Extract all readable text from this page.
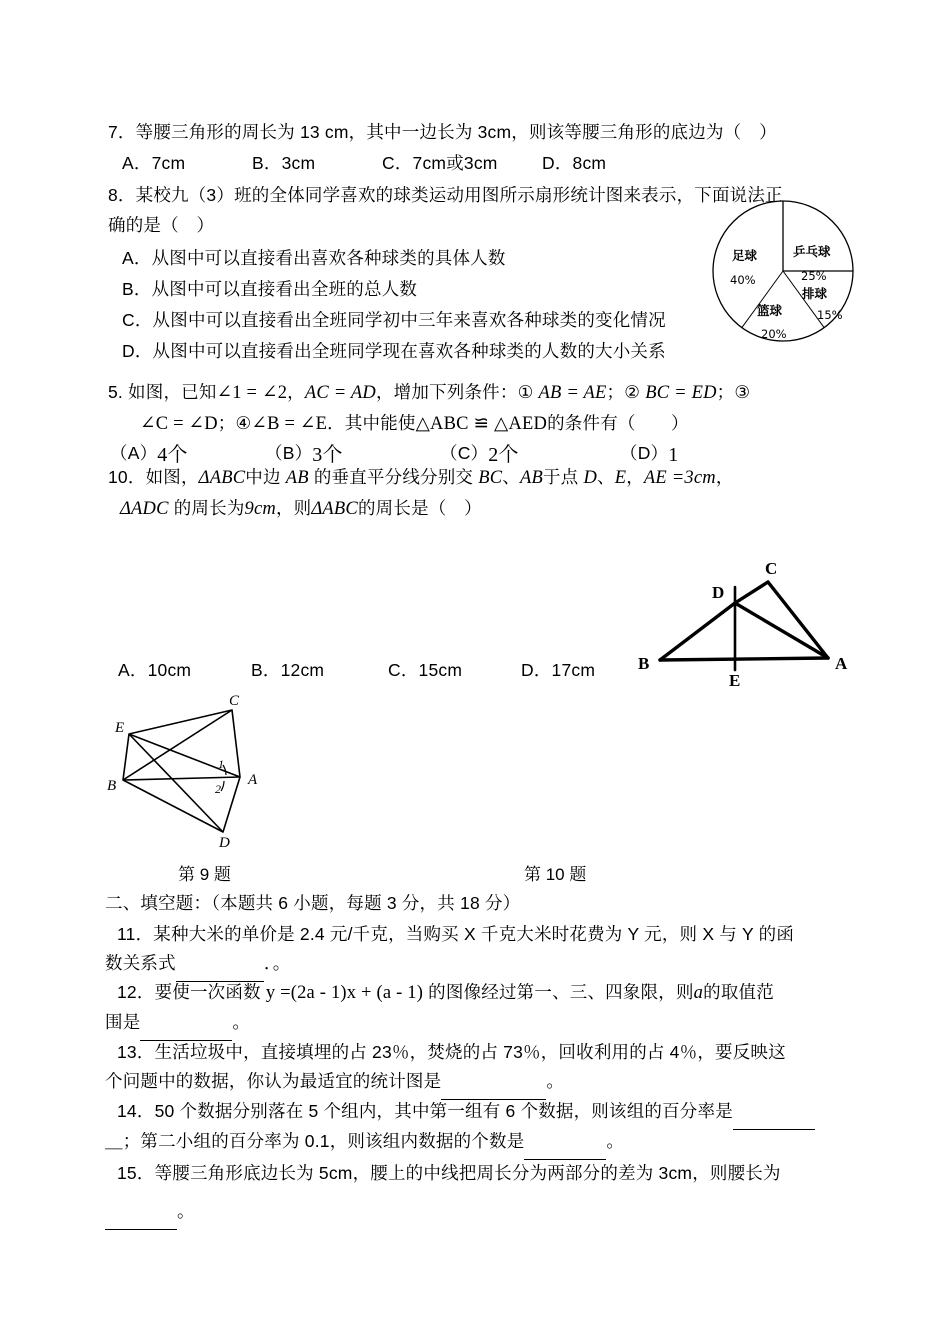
7．等腰三角形的周长为 13 cm，其中一边长为 3cm，则该等腰三角形的底边为（　）
A．7cm	B．3cm	C．7cm或3cm	D．8cm
8．某校九（3）班的全体同学喜欢的球类运动用图所示扇形统计图来表示，下面说法正
确的是（　）
A．从图中可以直接看出喜欢各种球类的具体人数
B．从图中可以直接看出全班的总人数
C．从图中可以直接看出全班同学初中三年来喜欢各种球类的变化情况
D．从图中可以直接看出全班同学现在喜欢各种球类的人数的大小关系
足球
40%
乒乓球
25%
排球
15%
篮球
20%
5. 如图，已知∠1 = ∠2，AC = AD，增加下列条件：① AB = AE；② BC = ED；③
∠C = ∠D；④∠B = ∠E．其中能使△ABC ≌ △AED的条件有（　　）
（A）4个	（B）3个	（C）2个	（D）1
10．如图，ΔABC中边 AB 的垂直平分线分别交 BC、AB于点 D、E，AE =3cm，
ΔADC 的周长为9cm，则ΔABC的周长是（　）
C
D
B
E
A
A．10cm	B．12cm	C．15cm	D．17cm
C
E
B	A
D
1
2
第 9 题	第 10 题
二、填空题：（本题共 6 小题，每题 3 分，共 18 分）
11．某种大米的单价是 2.4 元/千克，当购买 X 千克大米时花费为 Y 元，则 X 与 Y 的函
数关系式	．。
12．要使一次函数 y =(2a - 1)x + (a - 1) 的图像经过第一、三、四象限，则a的取值范
围是	。
13．生活垃圾中，直接填埋的占 23％，焚烧的占 73％，回收利用的占 4％，要反映这
个问题中的数据，你认为最适宜的统计图是	。
14．50 个数据分别落在 5 个组内，其中第一组有 6 个数据，则该组的百分率是
＿；第二小组的百分率为 0.1，则该组内数据的个数是	。
15．等腰三角形底边长为 5cm，腰上的中线把周长分为两部分的差为 3cm，则腰长为
。
